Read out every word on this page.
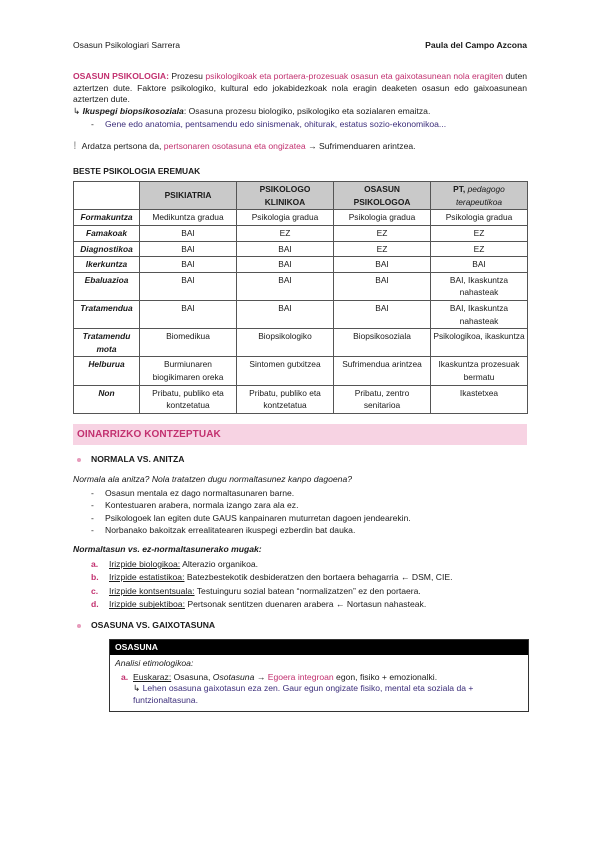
Osasun Psikologiari Sarrera	Paula del Campo Azcona

OSASUN PSIKOLOGIA: Prozesu psikologikoak eta portaera-prozesuak osasun eta gaixotasunean nola eragiten duten aztertzen dute. Faktore psikologiko, kultural edo jokabidezkoak nola eragin deaketen osasun edo gaixoasunean aztertzen dute.

↳ Ikuspegi biopsikosoziala: Osasuna prozesu biologiko, psikologiko eta sozialaren emaitza.

- Gene edo anatomia, pentsamendu edo sinismenak, ohiturak, estatus sozio-ekonomikoa...

! Ardatza pertsona da, pertsonaren osotasuna eta ongizatea → Sufrimenduaren arintzea.

BESTE PSIKOLOGIA EREMUAK

	PSIKIATRIA	PSIKOLOGO KLINIKOA	OSASUN PSIKOLOGOA	PT, pedagogo terapeutikoa
Formakuntza	Medikuntza gradua	Psikologia gradua	Psikologia gradua	Psikologia gradua
Famakoak	BAI	EZ	EZ	EZ
Diagnostikoa	BAI	BAI	EZ	EZ
Ikerkuntza	BAI	BAI	BAI	BAI
Ebaluazioa	BAI	BAI	BAI	BAI, Ikaskuntza nahasteak
Tratamendua	BAI	BAI	BAI	BAI, Ikaskuntza nahasteak
Tratamendu mota	Biomedikua	Biopsikologiko	Biopsikosoziala	Psikologikoa, ikaskuntza
Helburua	Burmiunaren biogikimaren oreka	Sintomen gutxitzea	Sufrimendua arintzea	Ikaskuntza prozesuak bermatu
Non	Pribatu, publiko eta kontzetatua	Pribatu, publiko eta kontzetatua	Pribatu, zentro senitarioa	Ikastetxea
OINARRIZKO KONTZEPTUAK

NORMALA VS. ANITZA

Normala ala anitza? Nola tratatzen dugu normaltasunez kanpo dagoena?

- Osasun mentala ez dago normaltasunaren barne.
- Kontestuaren arabera, normala izango zara ala ez.
- Psikologoek lan egiten dute GAUS kanpainaren muturretan dagoen jendearekin.
- Norbanako bakoitzak errealitatearen ikuspegi ezberdin bat dauka.

Normaltasun vs. ez-normaltasunerako mugak:

a. Irizpide biologikoa: Alterazio organikoa.
b. Irizpide estatistikoa: Batezbestekotik desbideratzen den bortaera behagarria ← DSM, CIE.
c. Irizpide kontsentsuala: Testuinguru sozial batean “normalizatzen” ez den portaera.
d. Irizpide subjektiboa: Pertsonak sentitzen duenaren arabera ← Nortasun nahasteak.

OSASUNA VS. GAIXOTASUNA

OSASUNA

Analisi etimologikoa:

a. Euskaraz: Osasuna, Osotasuna → Egoera integroan egon, fisiko + emozionalki.

↳ Lehen osasuna gaixotasun eza zen. Gaur egun ongizate fisiko, mental eta soziala da + funtzionaltasuna.
